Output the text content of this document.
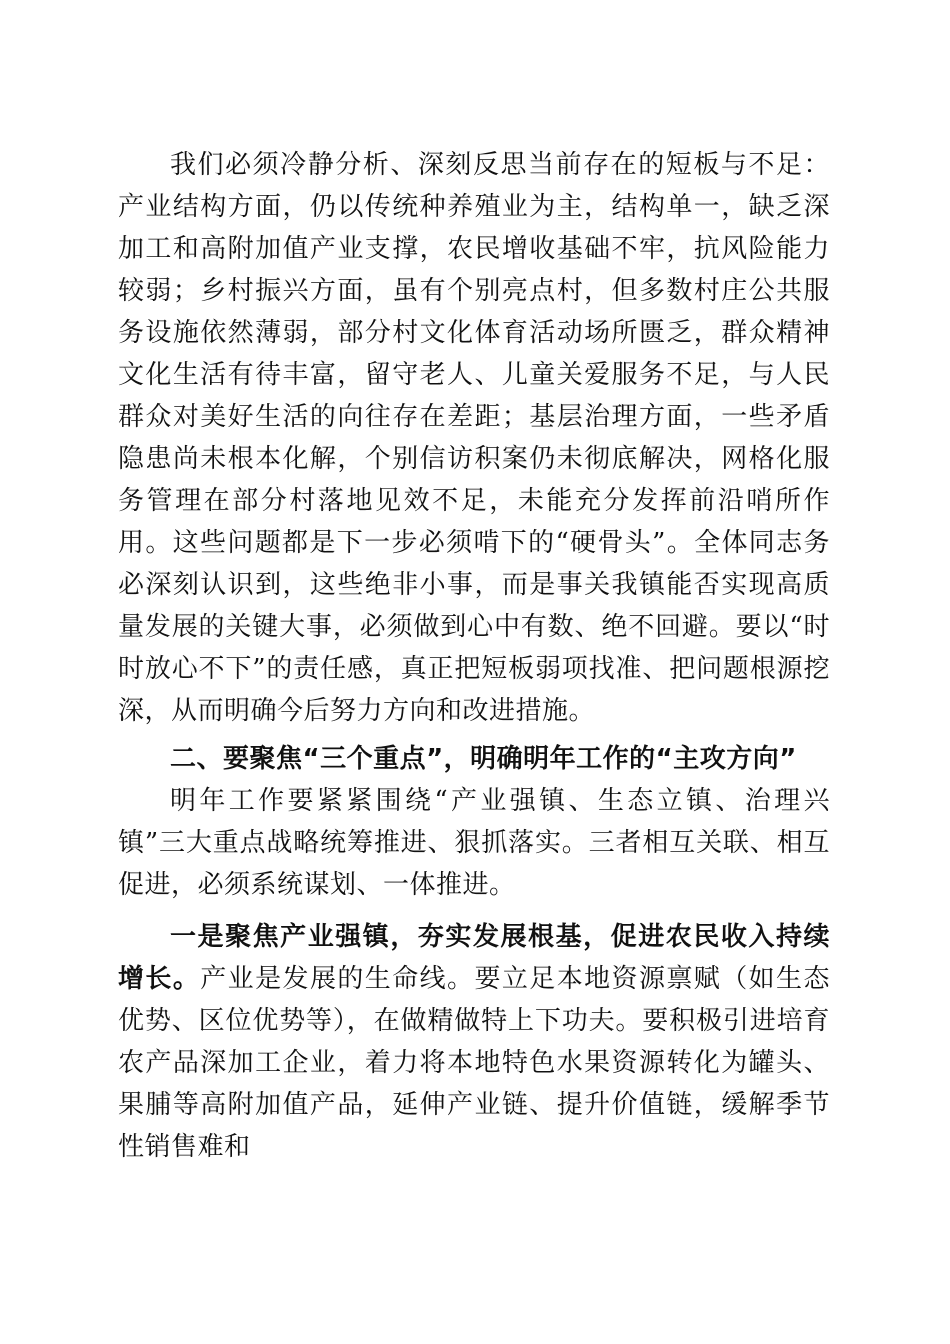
我们必须冷静分析、深刻反思当前存在的短板与不足：产业结构方面，仍以传统种养殖业为主，结构单一，缺乏深加工和高附加值产业支撑，农民增收基础不牢，抗风险能力较弱；乡村振兴方面，虽有个别亮点村，但多数村庄公共服务设施依然薄弱，部分村文化体育活动场所匮乏，群众精神文化生活有待丰富，留守老人、儿童关爱服务不足，与人民群众对美好生活的向往存在差距；基层治理方面，一些矛盾隐患尚未根本化解，个别信访积案仍未彻底解决，网格化服务管理在部分村落地见效不足，未能充分发挥前沿哨所作用。这些问题都是下一步必须啃下的“硬骨头”。全体同志务必深刻认识到，这些绝非小事，而是事关我镇能否实现高质量发展的关键大事，必须做到心中有数、绝不回避。要以“时时放心不下”的责任感，真正把短板弱项找准、把问题根源挖深，从而明确今后努力方向和改进措施。

二、要聚焦“三个重点”，明确明年工作的“主攻方向”

明年工作要紧紧围绕“产业强镇、生态立镇、治理兴镇”三大重点战略统筹推进、狠抓落实。三者相互关联、相互促进，必须系统谋划、一体推进。

一是聚焦产业强镇，夯实发展根基，促进农民收入持续增长。产业是发展的生命线。要立足本地资源禀赋（如生态优势、区位优势等），在做精做特上下功夫。要积极引进培育农产品深加工企业，着力将本地特色水果资源转化为罐头、果脯等高附加值产品，延伸产业链、提升价值链，缓解季节性销售难和
